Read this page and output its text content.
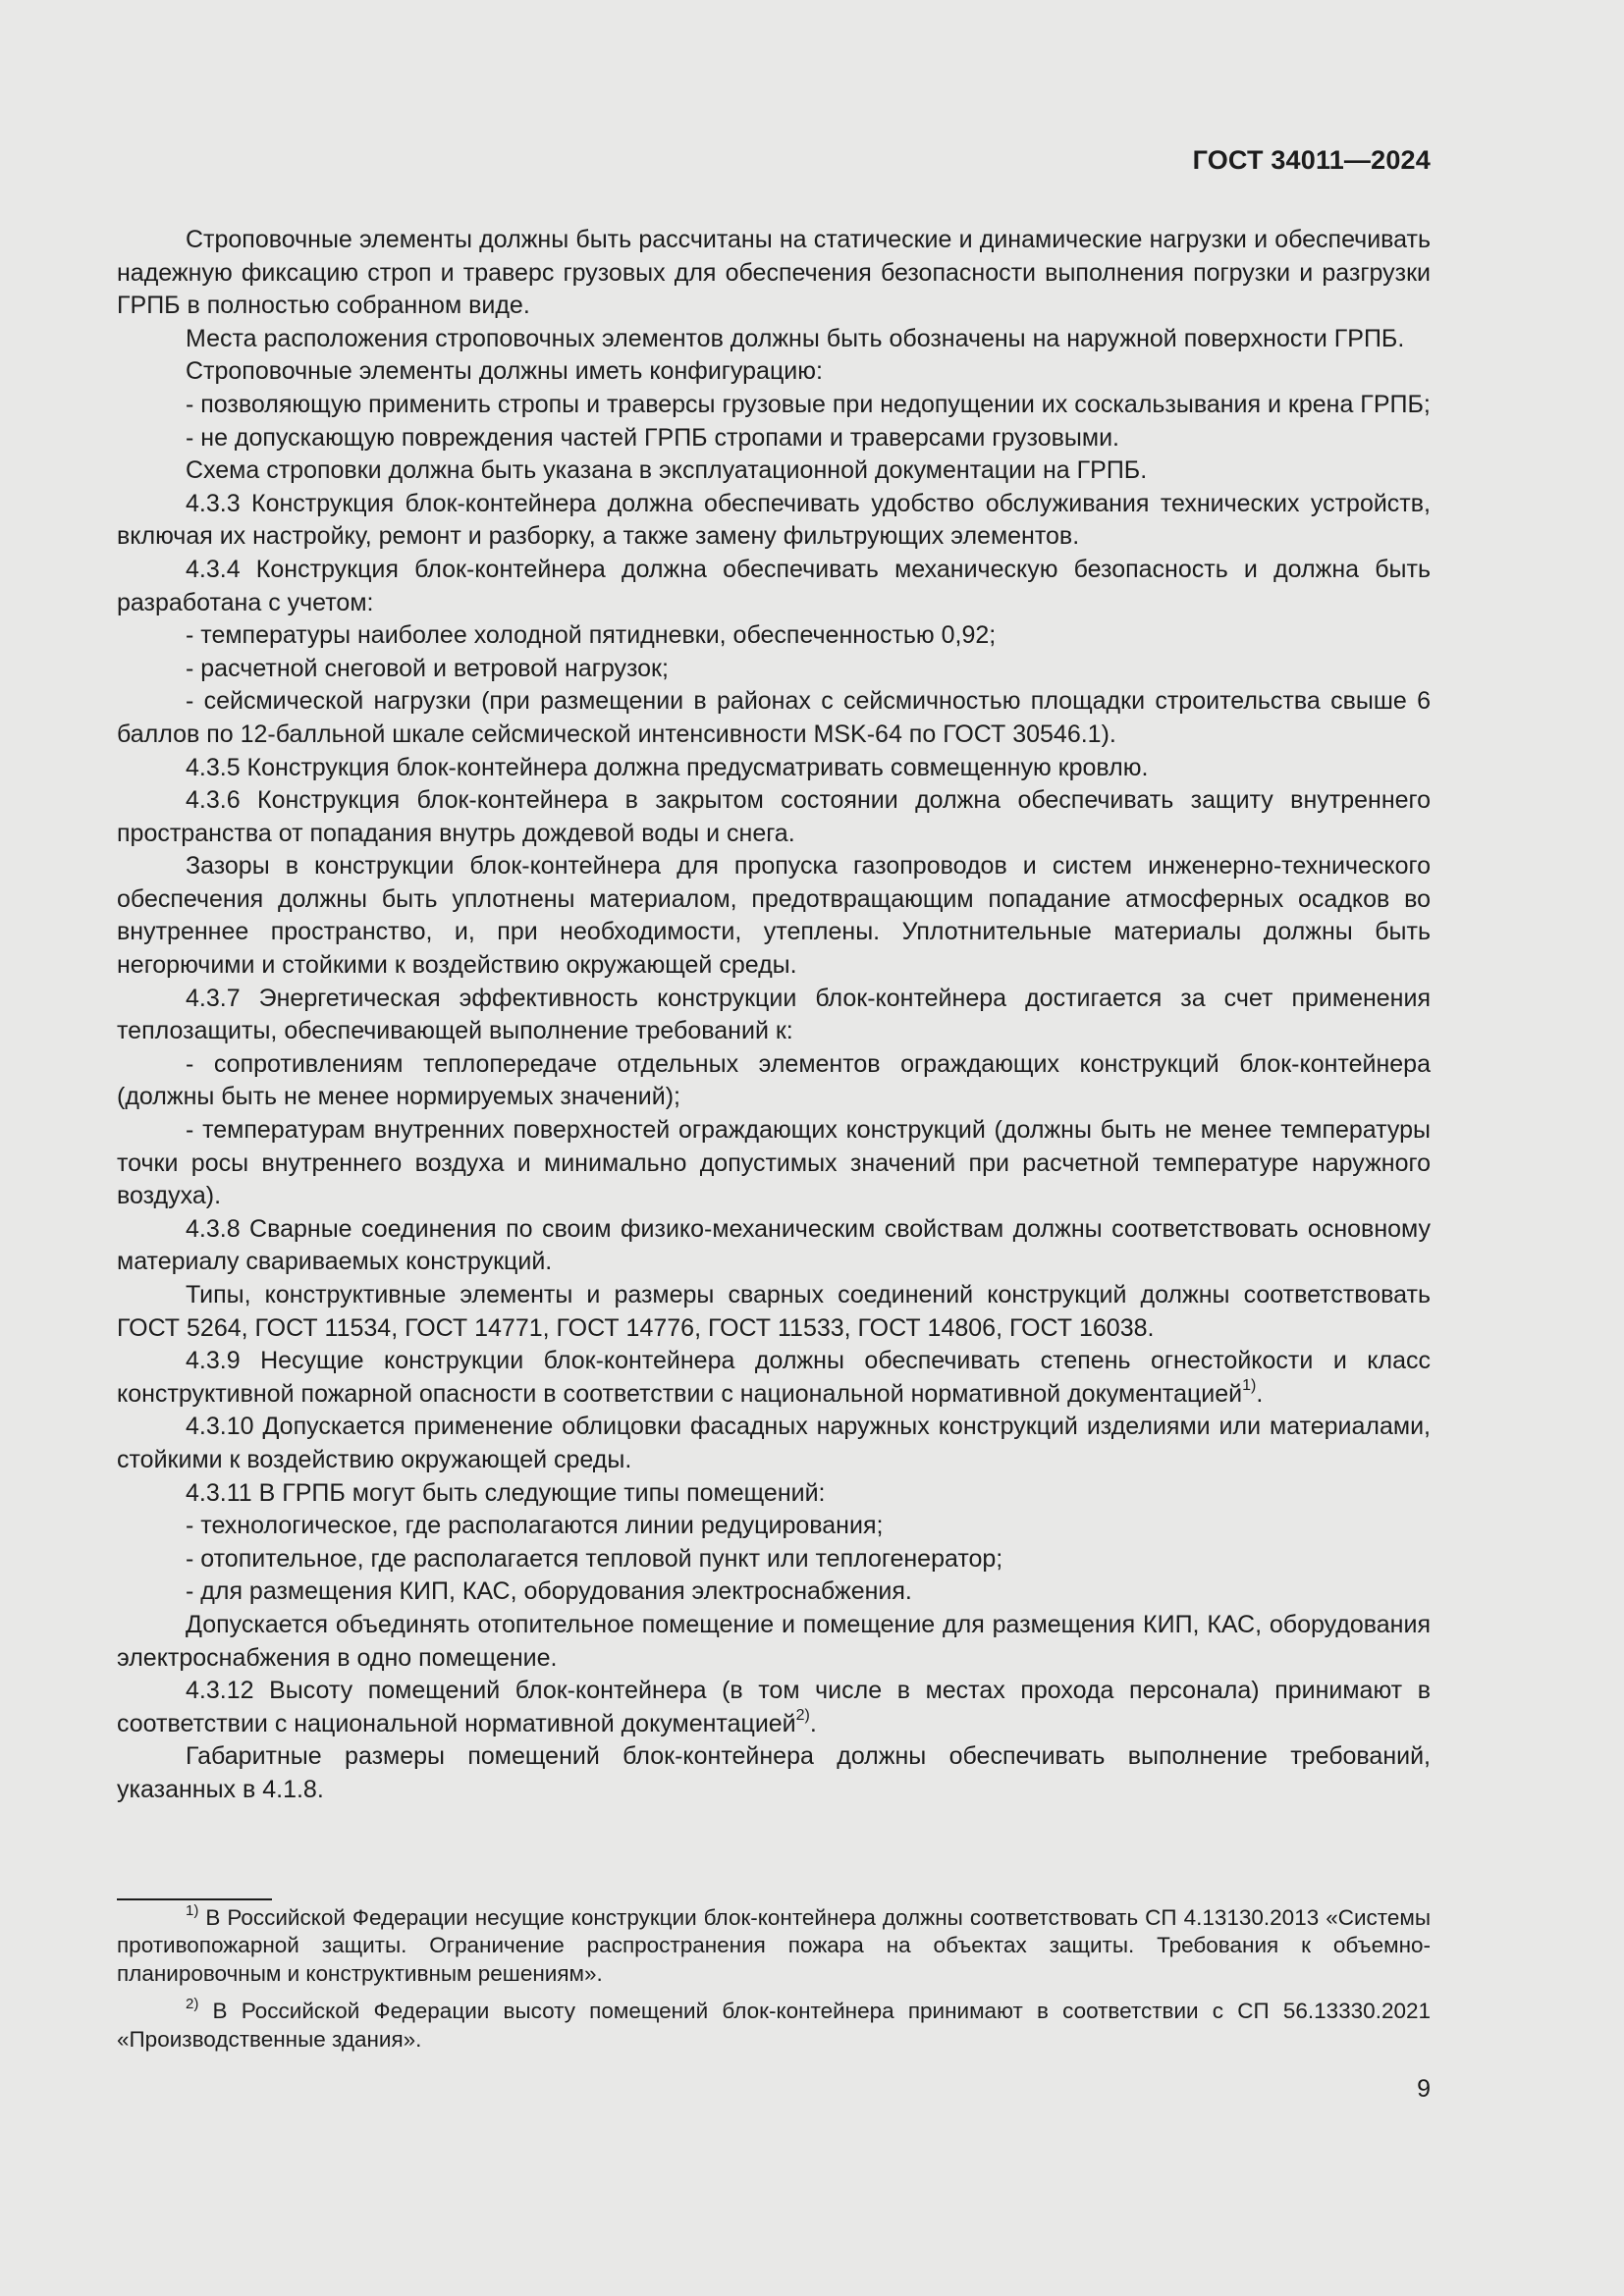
ГОСТ 34011—2024

Строповочные элементы должны быть рассчитаны на статические и динамические нагрузки и обеспечивать надежную фиксацию строп и траверс грузовых для обеспечения безопасности выполнения погрузки и разгрузки ГРПБ в полностью собранном виде.

Места расположения строповочных элементов должны быть обозначены на наружной поверхности ГРПБ.

Строповочные элементы должны иметь конфигурацию:

- позволяющую применить стропы и траверсы грузовые при недопущении их соскальзывания и крена ГРПБ;

- не допускающую повреждения частей ГРПБ стропами и траверсами грузовыми.

Схема строповки должна быть указана в эксплуатационной документации на ГРПБ.

4.3.3 Конструкция блок-контейнера должна обеспечивать удобство обслуживания технических устройств, включая их настройку, ремонт и разборку, а также замену фильтрующих элементов.

4.3.4 Конструкция блок-контейнера должна обеспечивать механическую безопасность и должна быть разработана с учетом:

- температуры наиболее холодной пятидневки, обеспеченностью 0,92;

- расчетной снеговой и ветровой нагрузок;

- сейсмической нагрузки (при размещении в районах с сейсмичностью площадки строительства свыше 6 баллов по 12-балльной шкале сейсмической интенсивности MSK-64 по ГОСТ 30546.1).

4.3.5 Конструкция блок-контейнера должна предусматривать совмещенную кровлю.

4.3.6 Конструкция блок-контейнера в закрытом состоянии должна обеспечивать защиту внутреннего пространства от попадания внутрь дождевой воды и снега.

Зазоры в конструкции блок-контейнера для пропуска газопроводов и систем инженерно-технического обеспечения должны быть уплотнены материалом, предотвращающим попадание атмосферных осадков во внутреннее пространство, и, при необходимости, утеплены. Уплотнительные материалы должны быть негорючими и стойкими к воздействию окружающей среды.

4.3.7 Энергетическая эффективность конструкции блок-контейнера достигается за счет применения теплозащиты, обеспечивающей выполнение требований к:

- сопротивлениям теплопередаче отдельных элементов ограждающих конструкций блок-контейнера (должны быть не менее нормируемых значений);

- температурам внутренних поверхностей ограждающих конструкций (должны быть не менее температуры точки росы внутреннего воздуха и минимально допустимых значений при расчетной температуре наружного воздуха).

4.3.8 Сварные соединения по своим физико-механическим свойствам должны соответствовать основному материалу свариваемых конструкций.

Типы, конструктивные элементы и размеры сварных соединений конструкций должны соответствовать ГОСТ 5264, ГОСТ 11534, ГОСТ 14771, ГОСТ 14776, ГОСТ 11533, ГОСТ 14806, ГОСТ 16038.

4.3.9 Несущие конструкции блок-контейнера должны обеспечивать степень огнестойкости и класс конструктивной пожарной опасности в соответствии с национальной нормативной документацией$^{1)}$.

4.3.10 Допускается применение облицовки фасадных наружных конструкций изделиями или материалами, стойкими к воздействию окружающей среды.

4.3.11 В ГРПБ могут быть следующие типы помещений:

- технологическое, где располагаются линии редуцирования;

- отопительное, где располагается тепловой пункт или теплогенератор;

- для размещения КИП, КАС, оборудования электроснабжения.

Допускается объединять отопительное помещение и помещение для размещения КИП, КАС, оборудования электроснабжения в одно помещение.

4.3.12 Высоту помещений блок-контейнера (в том числе в местах прохода персонала) принимают в соответствии с национальной нормативной документацией$^{2)}$.

Габаритные размеры помещений блок-контейнера должны обеспечивать выполнение требований, указанных в 4.1.8.

$^{1)}$ В Российской Федерации несущие конструкции блок-контейнера должны соответствовать СП 4.13130.2013 «Системы противопожарной защиты. Ограничение распространения пожара на объектах защиты. Требования к объемно-планировочным и конструктивным решениям».

$^{2)}$ В Российской Федерации высоту помещений блок-контейнера принимают в соответствии с СП 56.13330.2021 «Производственные здания».

9
